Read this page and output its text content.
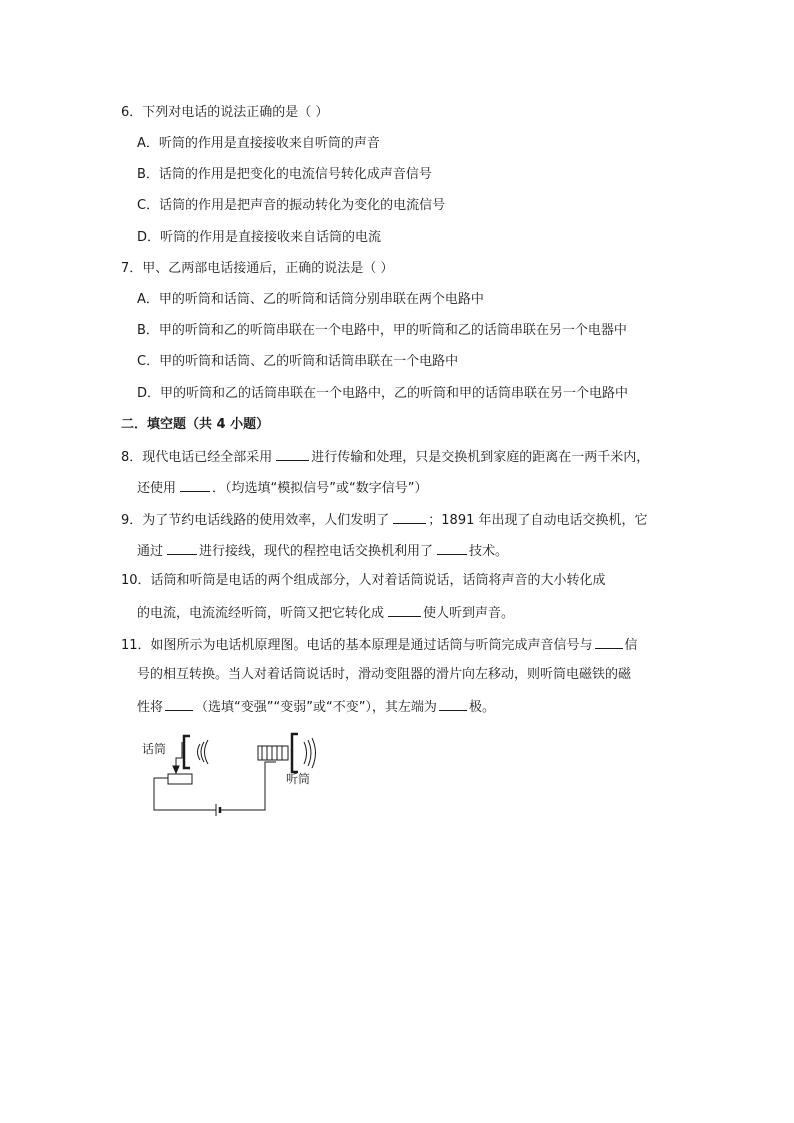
6．下列对电话的说法正确的是（ ）
A．听筒的作用是直接接收来自听筒的声音
B．话筒的作用是把变化的电流信号转化成声音信号
C．话筒的作用是把声音的振动转化为变化的电流信号
D．听筒的作用是直接接收来自话筒的电流
7．甲、乙两部电话接通后，正确的说法是（ ）
A．甲的听筒和话筒、乙的听筒和话筒分别串联在两个电路中
B．甲的听筒和乙的听筒串联在一个电路中，甲的听筒和乙的话筒串联在另一个电器中
C．甲的听筒和话筒、乙的听筒和话筒串联在一个电路中
D．甲的听筒和乙的话筒串联在一个电路中，乙的听筒和甲的话筒串联在另一个电路中
二．填空题（共 4 小题）
8．现代电话已经全部采用	进行传输和处理，只是交换机到家庭的距离在一两千米内，
还使用	．（均选填“模拟信号”或“数字信号”）
9．为了节约电话线路的使用效率，人们发明了	；1891 年出现了自动电话交换机，它
通过	进行接线，现代的程控电话交换机利用了	技术。
10．话筒和听筒是电话的两个组成部分，人对着话筒说话，话筒将声音的大小转化成
的电流，电流流经听筒，听筒又把它转化成	使人听到声音。
11．如图所示为电话机原理图。电话的基本原理是通过话筒与听筒完成声音信号与 信
号的相互转换。当人对着话筒说话时，滑动变阻器的滑片向左移动，则听筒电磁铁的磁
性将 （选填“变强”“变弱”或“不变”），其左端为 极。
话筒
听筒
